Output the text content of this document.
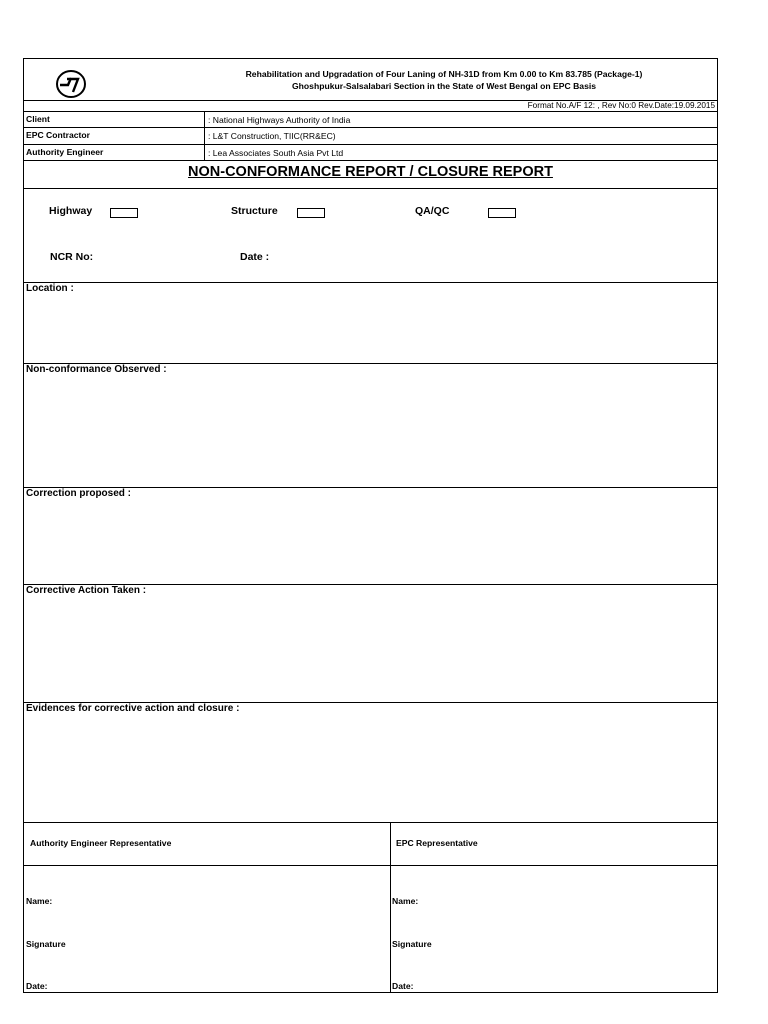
Rehabilitation and Upgradation of Four Laning of NH-31D from Km 0.00 to Km 83.785 (Package-1)
Ghoshpukur-Salsalabari Section in the State of West Bengal on EPC Basis
Format No.A/F 12: , Rev No:0 Rev.Date:19.09.2015
Client	: National Highways Authority of India
EPC Contractor	: L&T Construction, TIIC(RR&EC)
Authority Engineer	: Lea Associates South Asia Pvt Ltd
NON-CONFORMANCE REPORT / CLOSURE REPORT
Highway	Structure	QA/QC
NCR No:	Date :
Location :
Non-conformance Observed :
Correction proposed :
Corrective Action Taken :
Evidences for corrective action and closure :
Authority Engineer Representative	EPC Representative
Name:	Name:
Signature	Signature
Date:	Date:
